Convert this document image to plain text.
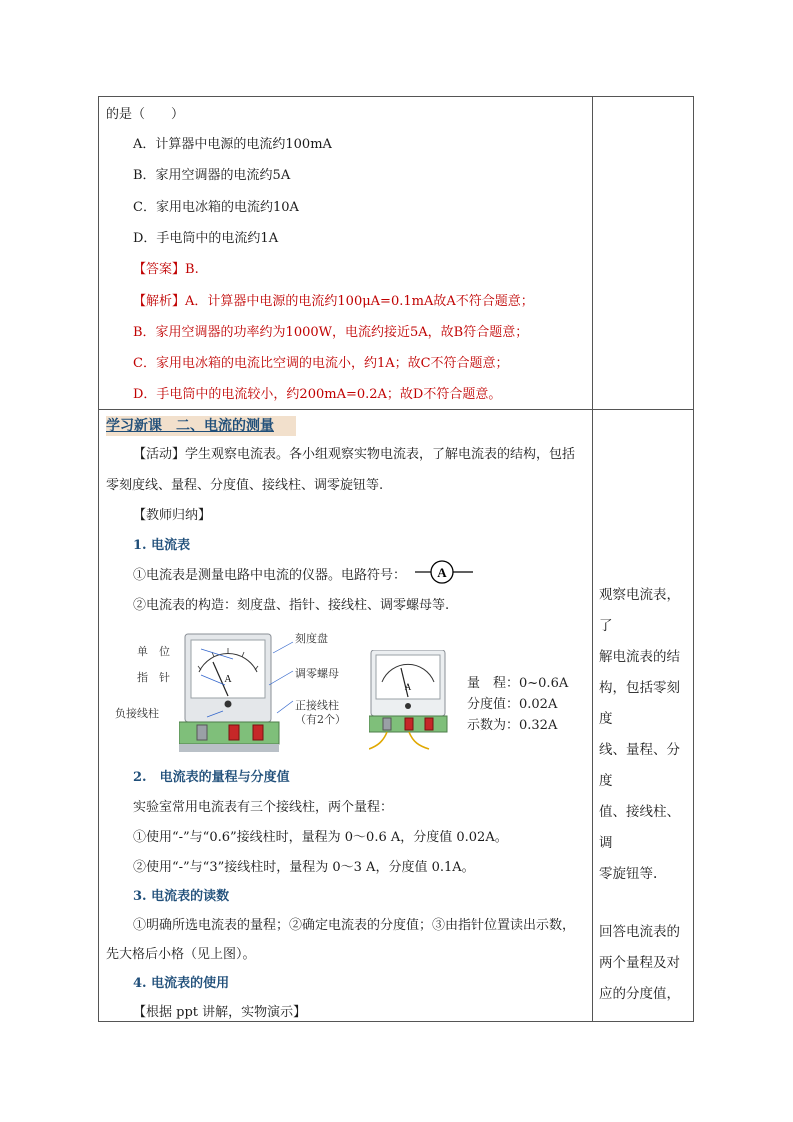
的是（　　）
A．计算器中电源的电流约100mA
B．家用空调器的电流约5A
C．家用电冰箱的电流约10A
D．手电筒中的电流约1A
【答案】B.
【解析】A．计算器中电源的电流约100μA=0.1mA故A不符合题意；
B．家用空调器的功率约为1000W，电流约接近5A，故B符合题意；
C．家用电冰箱的电流比空调的电流小，约1A；故C不符合题意；
D．手电筒中的电流较小，约200mA=0.2A；故D不符合题意。
学习新课　二、电流的测量
【活动】学生观察电流表。各小组观察实物电流表，了解电流表的结构，包括
零刻度线、量程、分度值、接线柱、调零旋钮等.
【教师归纳】
1. 电流表
①电流表是测量电路中电流的仪器。电路符号： A
②电流表的构造：刻度盘、指针、接线柱、调零螺母等.
A
A
单　位
指　针
负接线柱
刻度盘
调零螺母
正接线柱
（有2个）
量　程：0~0.6A
分度值：0.02A
示数为：0.32A
2.　电流表的量程与分度值
实验室常用电流表有三个接线柱，两个量程：
①使用“-”与“0.6”接线柱时，量程为 0～0.6 A，分度值 0.02A。
②使用“-”与“3”接线柱时，量程为 0～3 A，分度值 0.1A。
3. 电流表的读数
①明确所选电流表的量程；②确定电流表的分度值；③由指针位置读出示数，
先大格后小格（见上图）。
4. 电流表的使用
【根据 ppt 讲解，实物演示】
观察电流表，了
解电流表的结
构，包括零刻度
线、量程、分度
值、接线柱、调
零旋钮等.
回答电流表的
两个量程及对
应的分度值，
